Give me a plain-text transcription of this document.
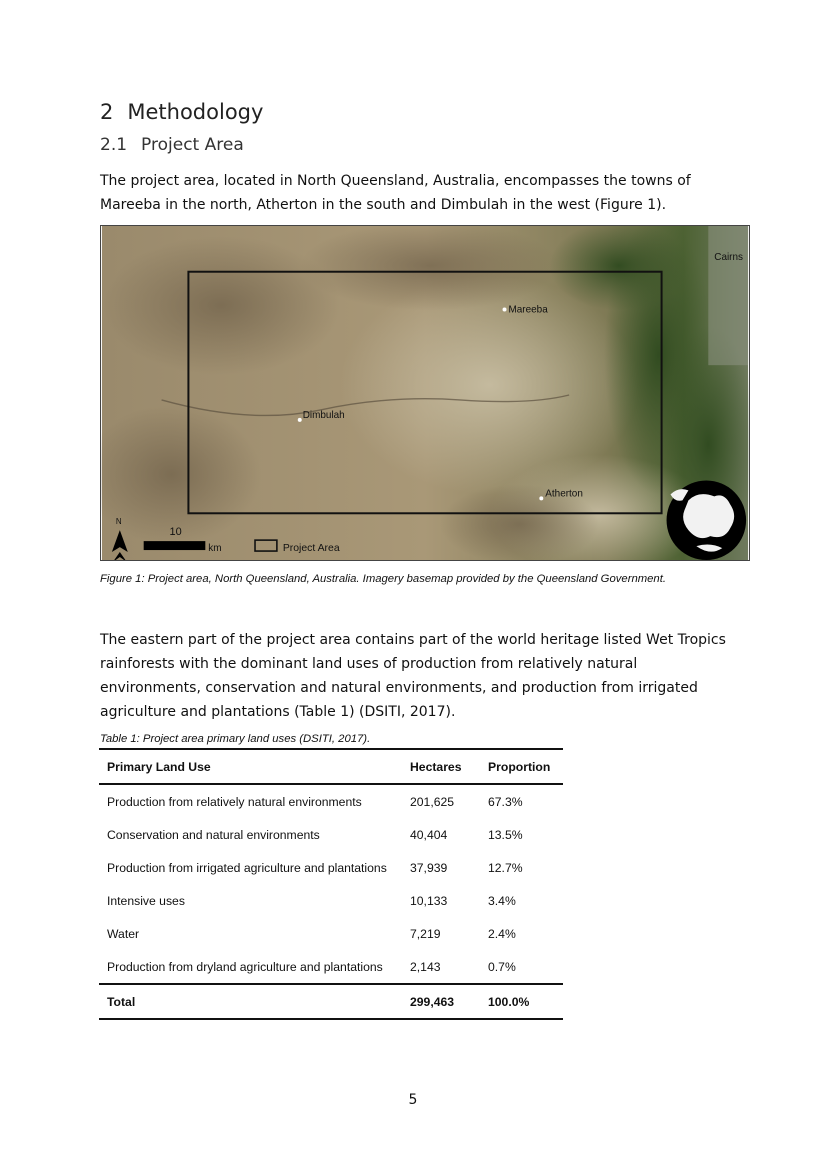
2 Methodology
2.1 Project Area
The project area, located in North Queensland, Australia, encompasses the towns of Mareeba in the north, Atherton in the south and Dimbulah in the west (Figure 1).
Mareeba
Dimbulah
Atherton
Cairns
N
10
km	Project Area
Figure 1: Project area, North Queensland, Australia. Imagery basemap provided by the Queensland Government.
The eastern part of the project area contains part of the world heritage listed Wet Tropics rainforests with the dominant land uses of production from relatively natural environments, conservation and natural environments, and production from irrigated agriculture and plantations (Table 1) (DSITI, 2017).
Table 1: Project area primary land uses (DSITI, 2017).
Primary Land Use	Hectares	Proportion
Production from relatively natural environments	201,625	67.3%
Conservation and natural environments	40,404	13.5%
Production from irrigated agriculture and plantations	37,939	12.7%
Intensive uses	10,133	3.4%
Water	7,219	2.4%
Production from dryland agriculture and plantations	2,143	0.7%
Total	299,463	100.0%
5
